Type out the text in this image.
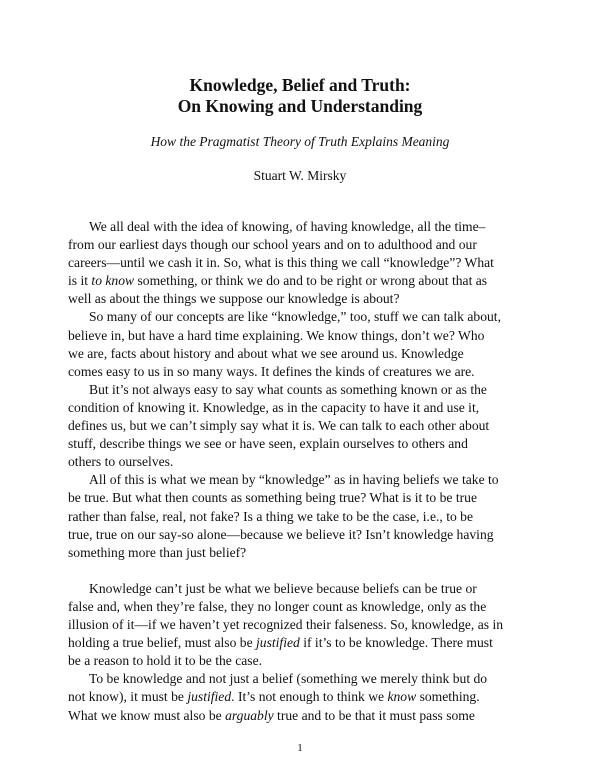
Knowledge, Belief and Truth:
On Knowing and Understanding
How the Pragmatist Theory of Truth Explains Meaning
Stuart W. Mirsky
We all deal with the idea of knowing, of having knowledge, all the time–
from our earliest days though our school years and on to adulthood and our
careers—until we cash it in. So, what is this thing we call “knowledge”? What
is it to know something, or think we do and to be right or wrong about that as
well as about the things we suppose our knowledge is about?
So many of our concepts are like “knowledge,” too, stuff we can talk about,
believe in, but have a hard time explaining. We know things, don’t we? Who
we are, facts about history and about what we see around us. Knowledge
comes easy to us in so many ways. It defines the kinds of creatures we are.
But it’s not always easy to say what counts as something known or as the
condition of knowing it. Knowledge, as in the capacity to have it and use it,
defines us, but we can’t simply say what it is. We can talk to each other about
stuff, describe things we see or have seen, explain ourselves to others and
others to ourselves.
All of this is what we mean by “knowledge” as in having beliefs we take to
be true. But what then counts as something being true? What is it to be true
rather than false, real, not fake? Is a thing we take to be the case, i.e., to be
true, true on our say-so alone—because we believe it? Isn’t knowledge having
something more than just belief?
Knowledge can’t just be what we believe because beliefs can be true or
false and, when they’re false, they no longer count as knowledge, only as the
illusion of it—if we haven’t yet recognized their falseness. So, knowledge, as in
holding a true belief, must also be justified if it’s to be knowledge. There must
be a reason to hold it to be the case.
To be knowledge and not just a belief (something we merely think but do
not know), it must be justified. It’s not enough to think we know something.
What we know must also be arguably true and to be that it must pass some
1
